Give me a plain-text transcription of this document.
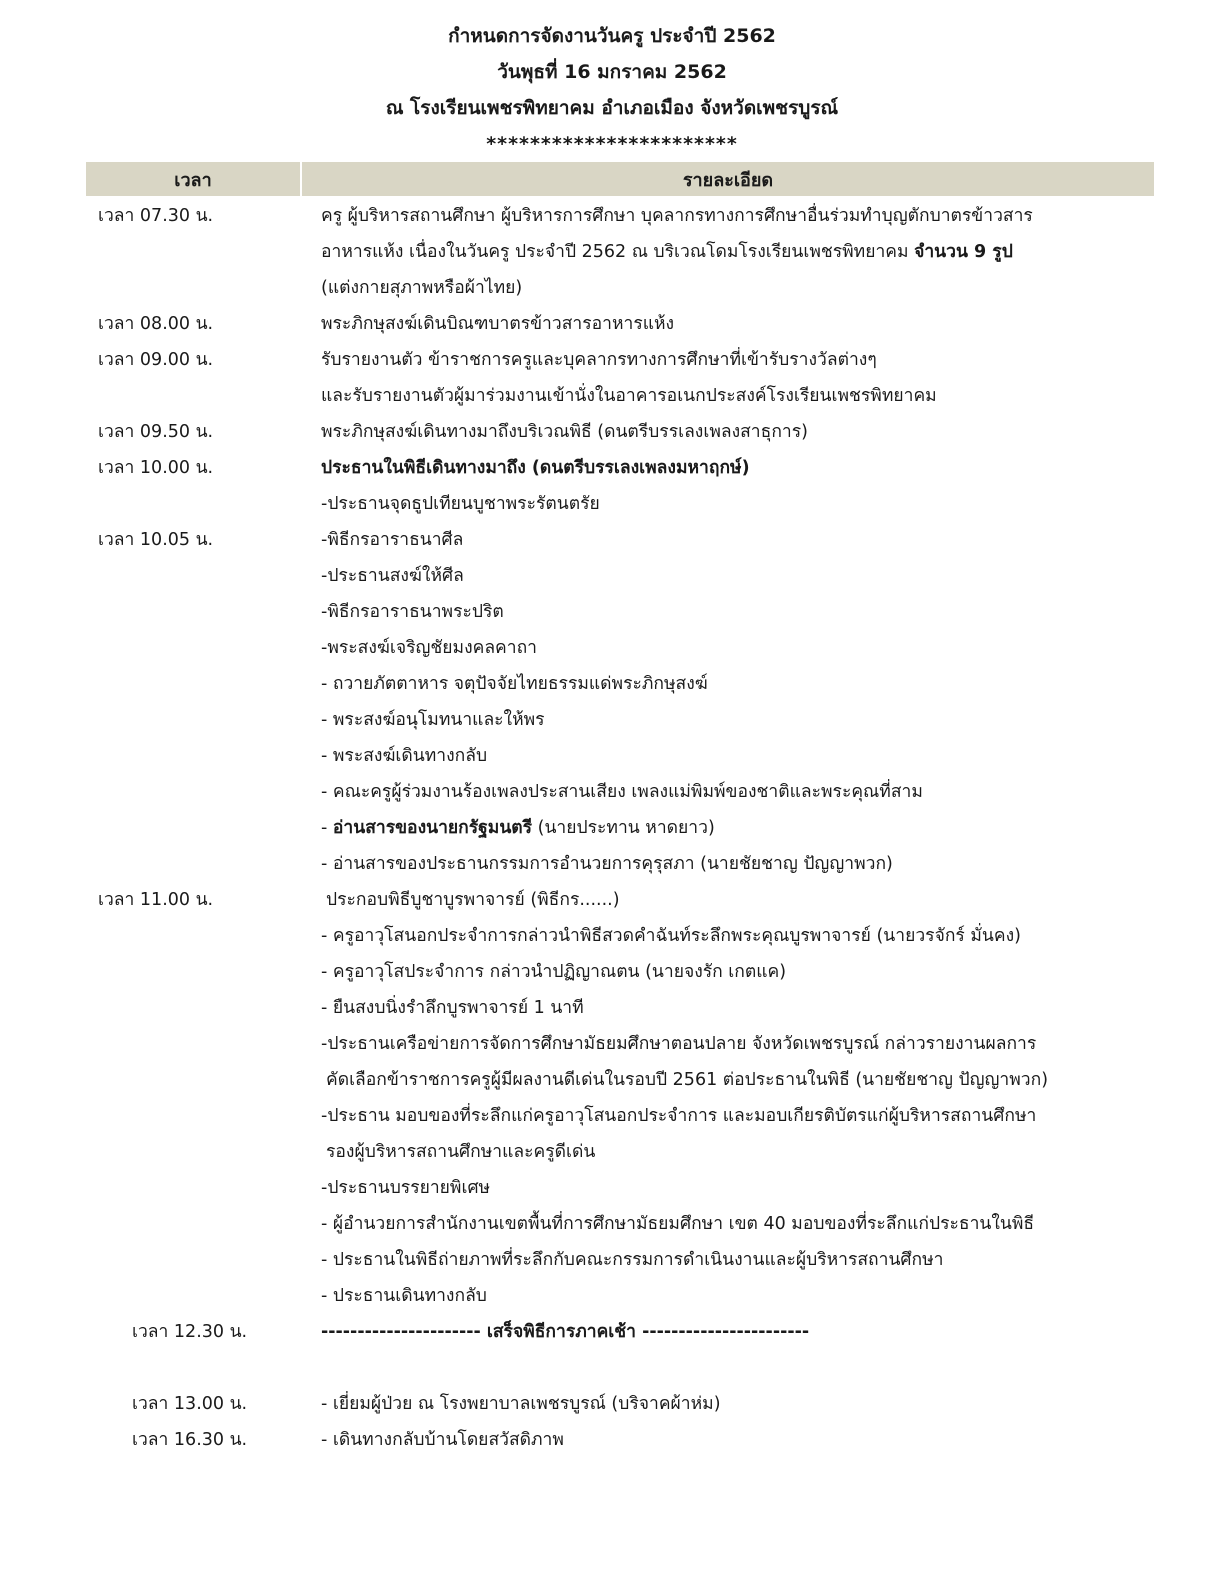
กำหนดการจัดงานวันครู ประจำปี 2562
วันพุธที่ 16 มกราคม 2562
ณ โรงเรียนเพชรพิทยาคม อำเภอเมือง จังหวัดเพชรบูรณ์
***********************
เวลา	รายละเอียด
เวลา 07.30 น.	ครู ผู้บริหารสถานศึกษา ผู้บริหารการศึกษา บุคลากรทางการศึกษาอื่นร่วมทำบุญตักบาตรข้าวสาร
อาหารแห้ง เนื่องในวันครู ประจำปี 2562 ณ บริเวณโดมโรงเรียนเพชรพิทยาคม จำนวน 9 รูป
(แต่งกายสุภาพหรือผ้าไทย)
เวลา 08.00 น.	พระภิกษุสงฆ์เดินบิณฑบาตรข้าวสารอาหารแห้ง
เวลา 09.00 น.	รับรายงานตัว ข้าราชการครูและบุคลากรทางการศึกษาที่เข้ารับรางวัลต่างๆ
และรับรายงานตัวผู้มาร่วมงานเข้านั่งในอาคารอเนกประสงค์โรงเรียนเพชรพิทยาคม
เวลา 09.50 น.	พระภิกษุสงฆ์เดินทางมาถึงบริเวณพิธี (ดนตรีบรรเลงเพลงสาธุการ)
เวลา 10.00 น.	ประธานในพิธีเดินทางมาถึง (ดนตรีบรรเลงเพลงมหาฤกษ์)
-ประธานจุดธูปเทียนบูชาพระรัตนตรัย
เวลา 10.05 น.	-พิธีกรอาราธนาศีล
-ประธานสงฆ์ให้ศีล
-พิธีกรอาราธนาพระปริต
-พระสงฆ์เจริญชัยมงคลคาถา
- ถวายภัตตาหาร จตุปัจจัยไทยธรรมแด่พระภิกษุสงฆ์
- พระสงฆ์อนุโมทนาและให้พร
- พระสงฆ์เดินทางกลับ
- คณะครูผู้ร่วมงานร้องเพลงประสานเสียง เพลงแม่พิมพ์ของชาติและพระคุณที่สาม
- อ่านสารของนายกรัฐมนตรี (นายประทาน หาดยาว)
- อ่านสารของประธานกรรมการอำนวยการคุรุสภา (นายชัยชาญ ปัญญาพวก)
เวลา 11.00 น.	ประกอบพิธีบูชาบูรพาจารย์ (พิธีกร......)
- ครูอาวุโสนอกประจำการกล่าวนำพิธีสวดคำฉันท์ระลึกพระคุณบูรพาจารย์ (นายวรจักร์ มั่นคง)
- ครูอาวุโสประจำการ กล่าวนำปฏิญาณตน (นายจงรัก เกตแค)
- ยืนสงบนิ่งรำลึกบูรพาจารย์ 1 นาที
-ประธานเครือข่ายการจัดการศึกษามัธยมศึกษาตอนปลาย จังหวัดเพชรบูรณ์ กล่าวรายงานผลการ
คัดเลือกข้าราชการครูผู้มีผลงานดีเด่นในรอบปี 2561 ต่อประธานในพิธี (นายชัยชาญ ปัญญาพวก)
-ประธาน มอบของที่ระลึกแก่ครูอาวุโสนอกประจำการ และมอบเกียรติบัตรแก่ผู้บริหารสถานศึกษา
รองผู้บริหารสถานศึกษาและครูดีเด่น
-ประธานบรรยายพิเศษ
- ผู้อำนวยการสำนักงานเขตพื้นที่การศึกษามัธยมศึกษา เขต 40 มอบของที่ระลึกแก่ประธานในพิธี
- ประธานในพิธีถ่ายภาพที่ระลึกกับคณะกรรมการดำเนินงานและผู้บริหารสถานศึกษา
- ประธานเดินทางกลับ
เวลา 12.30 น.	---------------------- เสร็จพิธีการภาคเช้า -----------------------
เวลา 13.00 น.	- เยี่ยมผู้ป่วย ณ โรงพยาบาลเพชรบูรณ์ (บริจาคผ้าห่ม)
เวลา 16.30 น.	- เดินทางกลับบ้านโดยสวัสดิภาพ
